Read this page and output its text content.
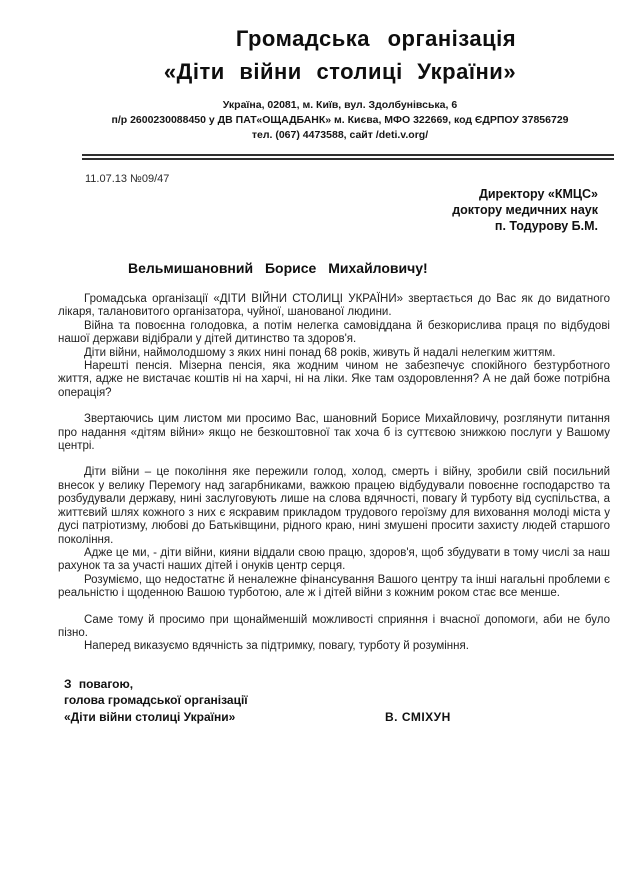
Громадська організація
«Діти війни столиці України»
Україна, 02081, м. Київ, вул. Здолбунівська, 6
п/р 2600230088450 у ДВ ПАТ«ОЩАДБАНК» м. Києва, МФО 322669, код ЄДРПОУ 37856729
тел. (067) 4473588, сайт /deti.v.org/
11.07.13 №09/47
Директору «КМЦС»
доктору медичних наук
п. Тодурову Б.М.
Вельмишановний Борисе Михайловичу!

Громадська організації «ДІТИ ВІЙНИ СТОЛИЦІ УКРАЇНИ» звертається до Вас як до видатного лікаря, талановитого організатора, чуйної, шанованої людини.

Війна та повоєнна голодовка, а потім нелегка самовіддана й безкорислива праця по відбудові нашої держави відібрали у дітей дитинство та здоров'я.

Діти війни, наймолодшому з яких нині понад 68 років, живуть й надалі нелегким життям.

Нарешті пенсія. Мізерна пенсія, яка жодним чином не забезпечує спокійного безтурботного життя, адже не вистачає коштів ні на харчі, ні на ліки. Яке там оздоровлення? А не дай боже потрібна операція?

Звертаючись цим листом ми просимо Вас, шановний Борисе Михайловичу, розглянути питання про надання «дітям війни» якщо не безкоштовної так хоча б із суттєвою знижкою послуги у Вашому центрі.

Діти війни – це покоління яке пережили голод, холод, смерть і війну, зробили свій посильний внесок у велику Перемогу над загарбниками, важкою працею відбудували повоєнне господарство та розбудували державу, нині заслуговують лише на слова вдячності, повагу й турботу від суспільства, а життєвий шлях кожного з них є яскравим прикладом трудового героїзму для виховання молоді міста у дусі патріотизму, любові до Батьківщини, рідного краю, нині змушені просити захисту людей старшого покоління.

Адже це ми, - діти війни, кияни віддали свою працю, здоров'я, щоб збудувати в тому числі за наш рахунок та за участі наших дітей і онуків центр серця.

Розуміємо, що недостатнє й неналежне фінансування Вашого центру та інші нагальні проблеми є реальністю і щоденною Вашою турботою, але ж і дітей війни з кожним роком стає все менше.

Саме тому й просимо при щонайменшій можливості сприяння і вчасної допомоги, аби не було пізно.

Наперед виказуємо вдячність за підтримку, повагу, турботу й розуміння.

З повагою,
голова громадської організації
«Діти війни столиці України»	В. СМІХУН
